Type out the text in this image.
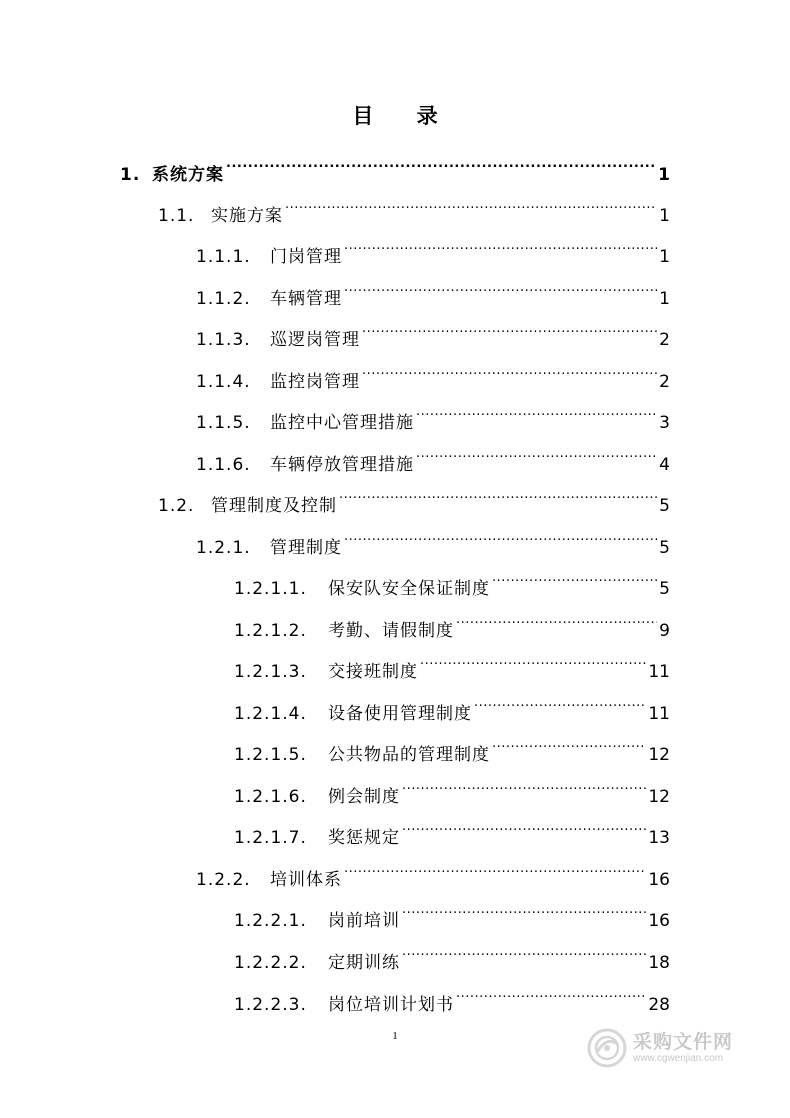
目 录
1. 系统方案 .....	1
1.1. 实施方案 .....	1
1.1.1.	门岗管理 .....	1
1.1.2.	车辆管理 .....	1
1.1.3.	巡逻岗管理 .....	2
1.1.4.	监控岗管理 .....	2
1.1.5.	监控中心管理措施 .....	3
1.1.6.	车辆停放管理措施 .....	4
1.2. 管理制度及控制 .....	5
1.2.1.	管理制度 .....	5
1.2.1.1.	保安队安全保证制度 .....	5
1.2.1.2.	考勤、请假制度 .....	9
1.2.1.3.	交接班制度 .....	11
1.2.1.4.	设备使用管理制度 .....	11
1.2.1.5.	公共物品的管理制度 .....	12
1.2.1.6.	例会制度 .....	12
1.2.1.7.	奖惩规定 .....	13
1.2.2.	培训体系 .....	16
1.2.2.1.	岗前培训 .....	16
1.2.2.2.	定期训练 .....	18
1.2.2.3.	岗位培训计划书 .....	28
1	采购文件网
www.cgwenjian.com
